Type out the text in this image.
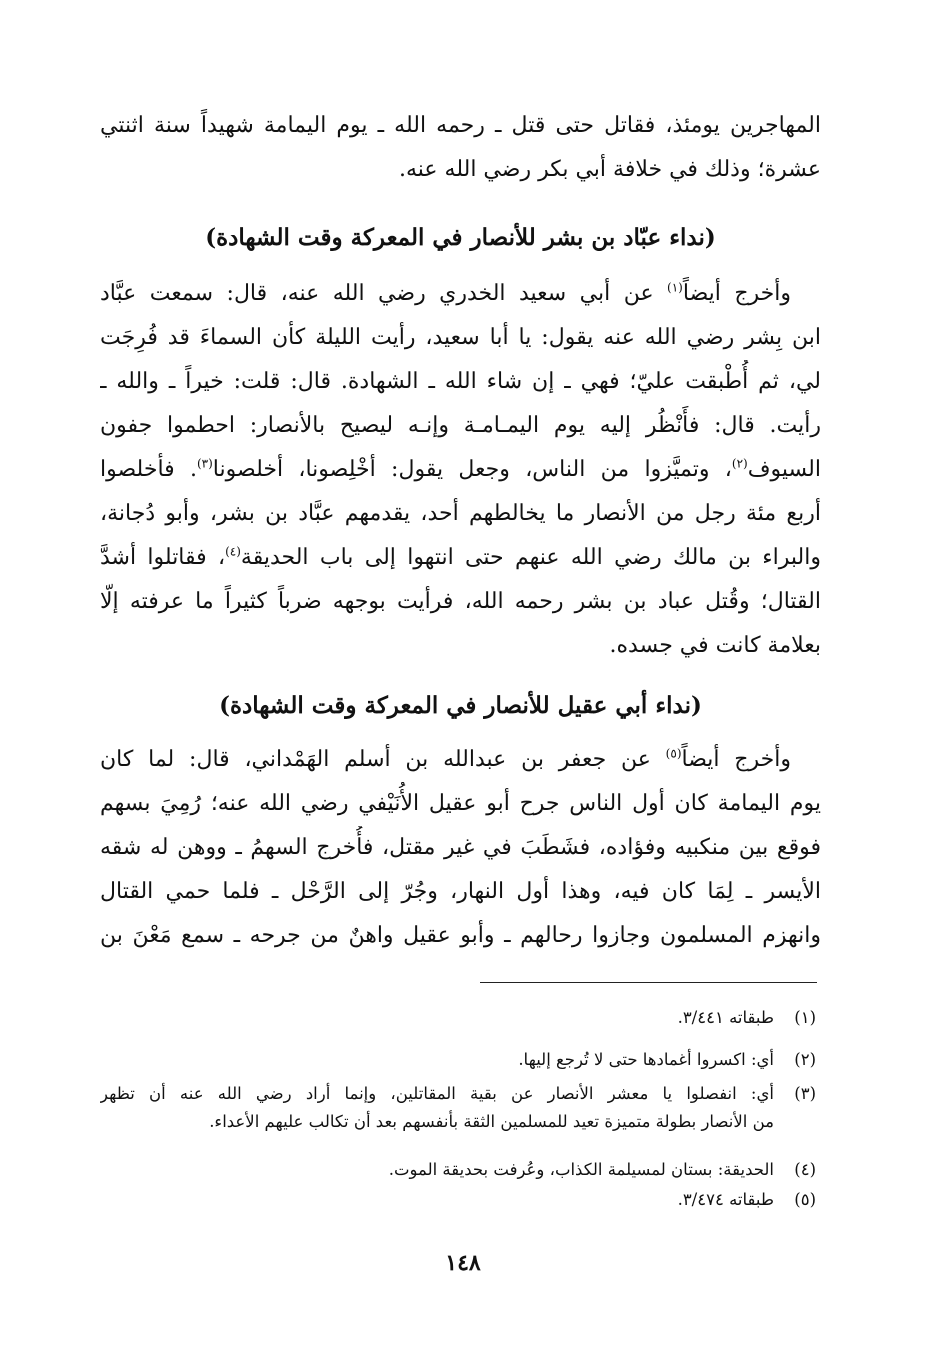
المهاجرين يومئذ، فقاتل حتى قتل ـ رحمه الله ـ يوم اليمامة شهيداً سنة اثنتي
عشرة؛ وذلك في خلافة أبي بكر رضي الله عنه.
(نداء عبّاد بن بشر للأنصار في المعركة وقت الشهادة)
وأخرج أيضاً$^{(١)}$ عن أبي سعيد الخدري رضي الله عنه، قال: سمعت عبَّاد
ابن بِشر رضي الله عنه يقول: يا أبا سعيد، رأيت الليلة كأن السماءَ قد فُرِجَت
لي، ثم أُطْبقت عليّ؛ فهي ـ إن شاء الله ـ الشهادة. قال: قلت: خيراً ـ والله ـ
رأيت. قال: فأَنْظُر إليه يوم اليمـامـة وإنـه ليصيح بالأنصار: احطموا جفون
السيوف$^{(٢)}$، وتميَّزوا من الناس، وجعل يقول: أخْلِصونا، أخلصونا$^{(٣)}$. فأخلصوا
أربع مئة رجل من الأنصار ما يخالطهم أحد، يقدمهم عبَّاد بن بشر، وأبو دُجانة،
والبراء بن مالك رضي الله عنهم حتى انتهوا إلى باب الحديقة$^{(٤)}$، فقاتلوا أشدَّ
القتال؛ وقُتل عباد بن بشر رحمه الله، فرأيت بوجهه ضرباً كثيراً ما عرفته إلّا
بعلامة كانت في جسده.
(نداء أبي عقيل للأنصار في المعركة وقت الشهادة)
وأخرج أيضاً$^{(٥)}$ عن جعفر بن عبدالله بن أسلم الهَمْداني، قال: لما كان
يوم اليمامة كان أول الناس جرح أبو عقيل الأُنَيْفي رضي الله عنه؛ رُمِيَ بسهم
فوقع بين منكبيه وفؤاده، فشَطَبَ في غير مقتل، فأُخرج السهمُ ـ ووهن له شقه
الأيسر ـ لِمَا كان فيه، وهذا أول النهار، وجُرّ إلى الرَّحْل ـ فلما حمي القتال
وانهزم المسلمون وجازوا رحالهم ـ وأبو عقيل واهنٌ من جرحه ـ سمع مَعْنَ بن
(١)
طبقاته ٣/٤٤١.
(٢)
أي: اكسروا أغمادها حتى لا تُرجع إليها.
(٣)
أي: انفصلوا يا معشر الأنصار عن بقية المقاتلين، وإنما أراد رضي الله عنه أن تظهر
من الأنصار بطولة متميزة تعيد للمسلمين الثقة بأنفسهم بعد أن تكالب عليهم الأعداء.
(٤)
الحديقة: بستان لمسيلمة الكذاب، وعُرفت بحديقة الموت.
(٥)
طبقاته ٣/٤٧٤.
١٤٨
